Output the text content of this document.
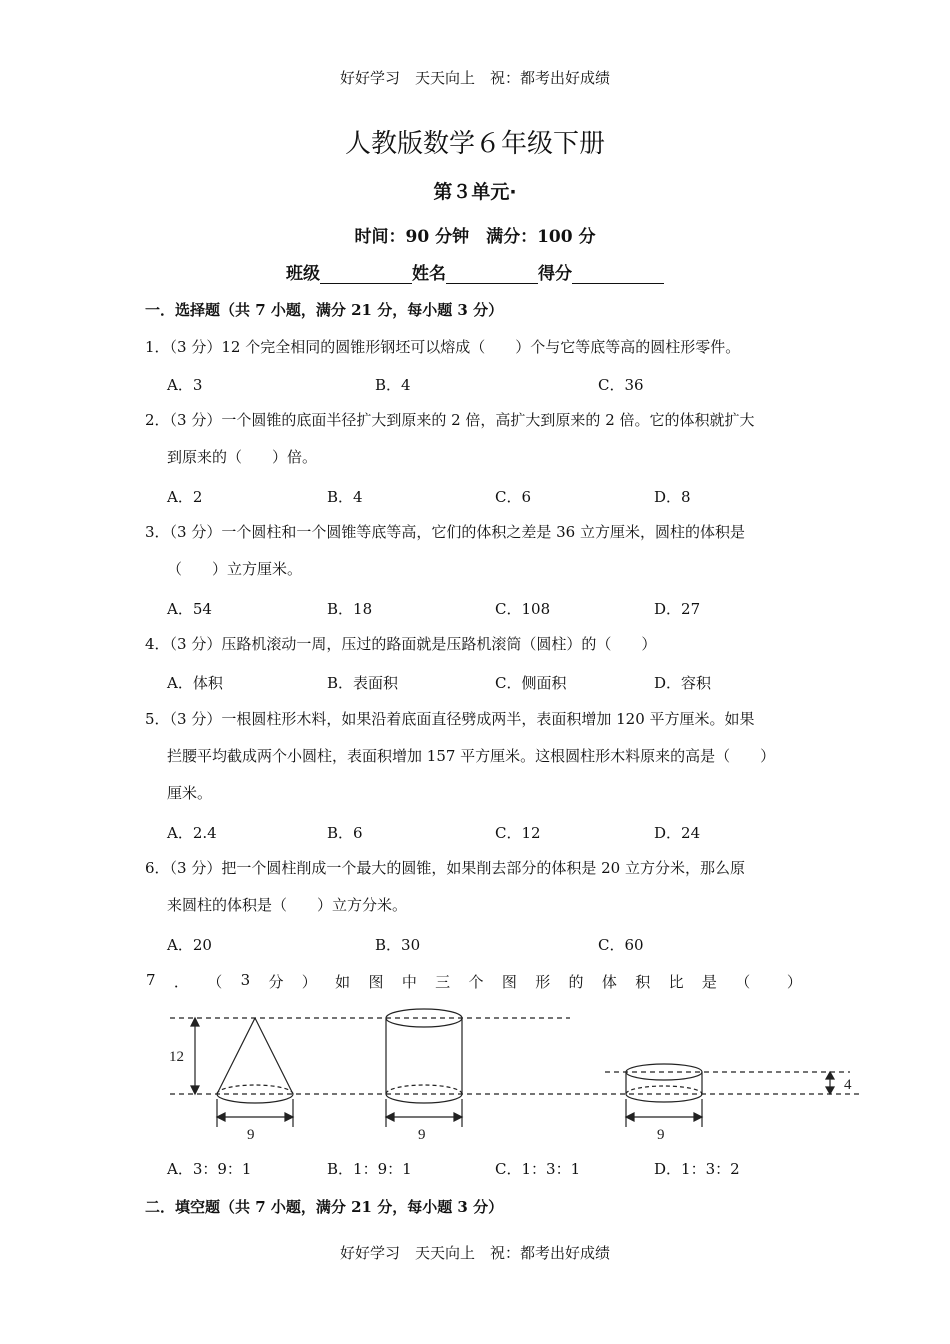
好好学习　天天向上　祝：都考出好成绩
人教版数学６年级下册
第３单元·
时间：90 分钟　满分：100 分
班级	姓名	得分
一．选择题（共 7 小题，满分 21 分，每小题 3 分）
1．（3 分）12 个完全相同的圆锥形钢坯可以熔成（　　）个与它等底等高的圆柱形零件。
A．3	B．4	C．36
2．（3 分）一个圆锥的底面半径扩大到原来的 2 倍，高扩大到原来的 2 倍。它的体积就扩大
到原来的（　　）倍。
A．2	B．4	C．6	D．8
3．（3 分）一个圆柱和一个圆锥等底等高，它们的体积之差是 36 立方厘米，圆柱的体积是
（　　）立方厘米。
A．54	B．18	C．108	D．27
4．（3 分）压路机滚动一周，压过的路面就是压路机滚筒（圆柱）的（　　）
A．体积	B．表面积	C．侧面积	D．容积
5．（3 分）一根圆柱形木料，如果沿着底面直径劈成两半，表面积增加 120 平方厘米。如果
拦腰平均截成两个小圆柱，表面积增加 157 平方厘米。这根圆柱形木料原来的高是（　　）
厘米。
A．2.4	B．6	C．12	D．24
6．（3 分）把一个圆柱削成一个最大的圆锥，如果削去部分的体积是 20 立方分米，那么原
来圆柱的体积是（　　）立方分米。
A．20	B．30	C．60
7 ． （ 3 分 ） 如 图 中 三 个 图 形 的 体 积 比 是 （ ）
12
9	9	9
4
A．3：9：1	B．1：9：1	C．1：3：1	D．1：3：2
二．填空题（共 7 小题，满分 21 分，每小题 3 分）
好好学习　天天向上　祝：都考出好成绩
